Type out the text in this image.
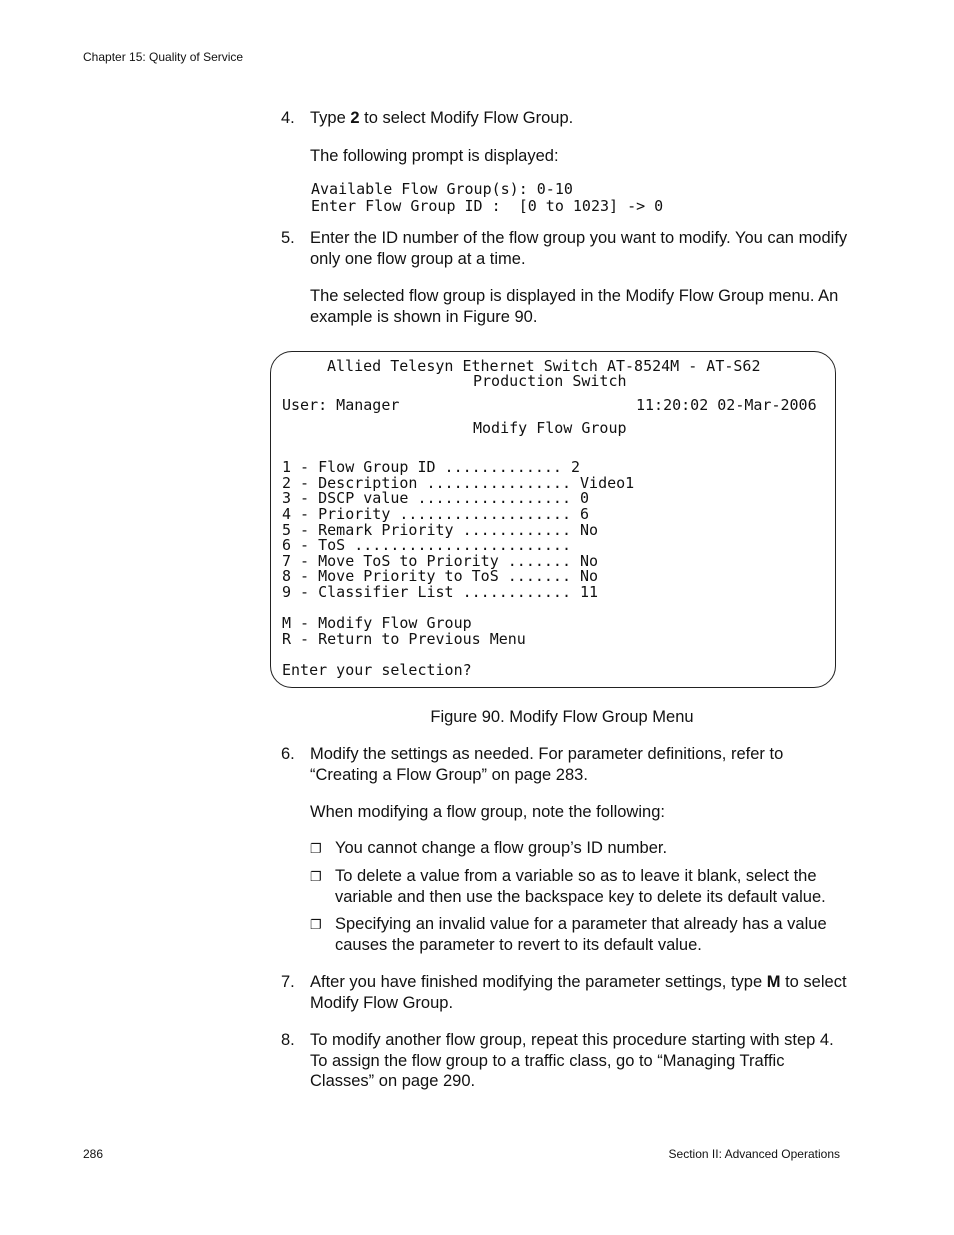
Chapter 15: Quality of Service
4. Type 2 to select Modify Flow Group.
The following prompt is displayed:
Available Flow Group(s): 0-10
Enter Flow Group ID :  [0 to 1023] -> 0
5. Enter the ID number of the flow group you want to modify. You can modify only one flow group at a time.
The selected flow group is displayed in the Modify Flow Group menu. An example is shown in Figure 90.
Allied Telesyn Ethernet Switch AT-8524M - AT-S62
Production Switch
User: Manager	11:20:02 02-Mar-2006
Modify Flow Group
1 - Flow Group ID ............. 2
2 - Description ................ Video1
3 - DSCP value ................. 0
4 - Priority ................... 6
5 - Remark Priority ............ No
6 - ToS ........................
7 - Move ToS to Priority ....... No
8 - Move Priority to ToS ....... No
9 - Classifier List ............ 11
M - Modify Flow Group
R - Return to Previous Menu
Enter your selection?
Figure 90. Modify Flow Group Menu
6. Modify the settings as needed. For parameter definitions, refer to “Creating a Flow Group” on page 283.
When modifying a flow group, note the following:
❐ You cannot change a flow group’s ID number.
❐ To delete a value from a variable so as to leave it blank, select the variable and then use the backspace key to delete its default value.
❐ Specifying an invalid value for a parameter that already has a value causes the parameter to revert to its default value.
7. After you have finished modifying the parameter settings, type M to select Modify Flow Group.
8. To modify another flow group, repeat this procedure starting with step 4. To assign the flow group to a traffic class, go to “Managing Traffic Classes” on page 290.
286	Section II: Advanced Operations
